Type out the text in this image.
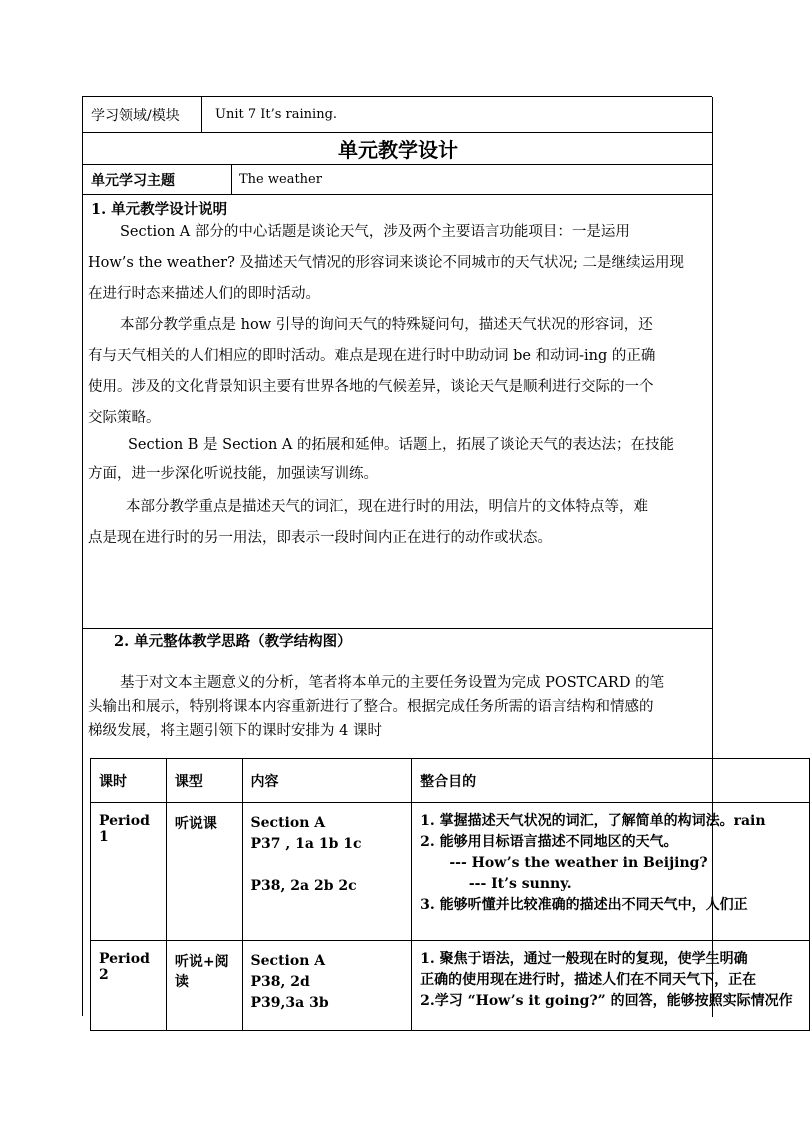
学习领域/模块	Unit 7 It’s raining.
单元教学设计
单元学习主题	The weather
1. 单元教学设计说明
Section A 部分的中心话题是谈论天气，涉及两个主要语言功能项目：一是运用
How’s the weather? 及描述天气情况的形容词来谈论不同城市的天气状况; 二是继续运用现
在进行时态来描述人们的即时活动。
本部分教学重点是 how 引导的询问天气的特殊疑问句，描述天气状况的形容词，还
有与天气相关的人们相应的即时活动。难点是现在进行时中助动词 be 和动词-ing 的正确
使用。涉及的文化背景知识主要有世界各地的气候差异，谈论天气是顺利进行交际的一个
交际策略。
Section B 是 Section A 的拓展和延伸。话题上，拓展了谈论天气的表达法；在技能
方面，进一步深化听说技能，加强读写训练。
本部分教学重点是描述天气的词汇，现在进行时的用法，明信片的文体特点等，难
点是现在进行时的另一用法，即表示一段时间内正在进行的动作或状态。
2. 单元整体教学思路（教学结构图）
基于对文本主题意义的分析，笔者将本单元的主要任务设置为完成 POSTCARD 的笔
头输出和展示，特别将课本内容重新进行了整合。根据完成任务所需的语言结构和情感的
梯级发展，将主题引领下的课时安排为 4 课时
课时	课型	内容	整合目的
Period 1	听说课	Section A
P37 , 1a 1b 1c

P38, 2a 2b 2c	1. 掌握描述天气状况的词汇，了解简单的构词法。rain
2. 能够用目标语言描述不同地区的天气。
--- How’s the weather in Beijing?
--- It’s sunny.
3. 能够听懂并比较准确的描述出不同天气中，人们正

Period 2	听说+阅读	Section A
P38, 2d
P39,3a 3b	1. 聚焦于语法，通过一般现在时的复现，使学生明确
正确的使用现在进行时，描述人们在不同天气下，正在
2.学习 “How’s it going?” 的回答，能够按照实际情况作
